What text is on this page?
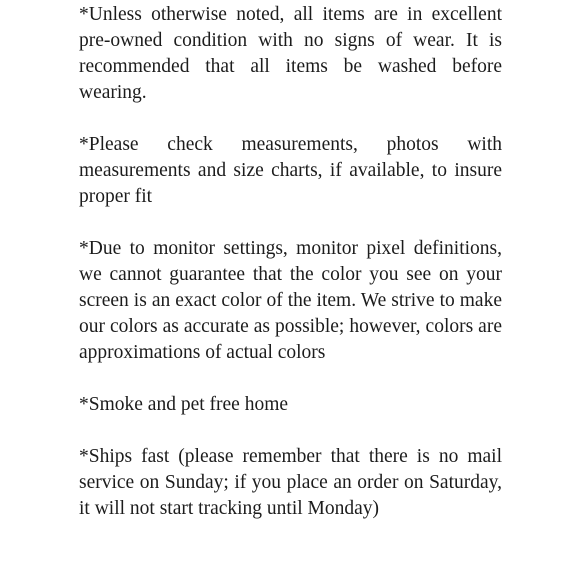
*Unless otherwise noted, all items are in excellent pre-owned condition with no signs of wear. It is recommended that all items be washed before wearing.

*Please check measurements, photos with measurements and size charts, if available, to insure proper fit

*Due to monitor settings, monitor pixel definitions, we cannot guarantee that the color you see on your screen is an exact color of the item. We strive to make our colors as accurate as possible; however, colors are approximations of actual colors

*Smoke and pet free home

*Ships fast (please remember that there is no mail service on Sunday; if you place an order on Saturday, it will not start tracking until Monday)
